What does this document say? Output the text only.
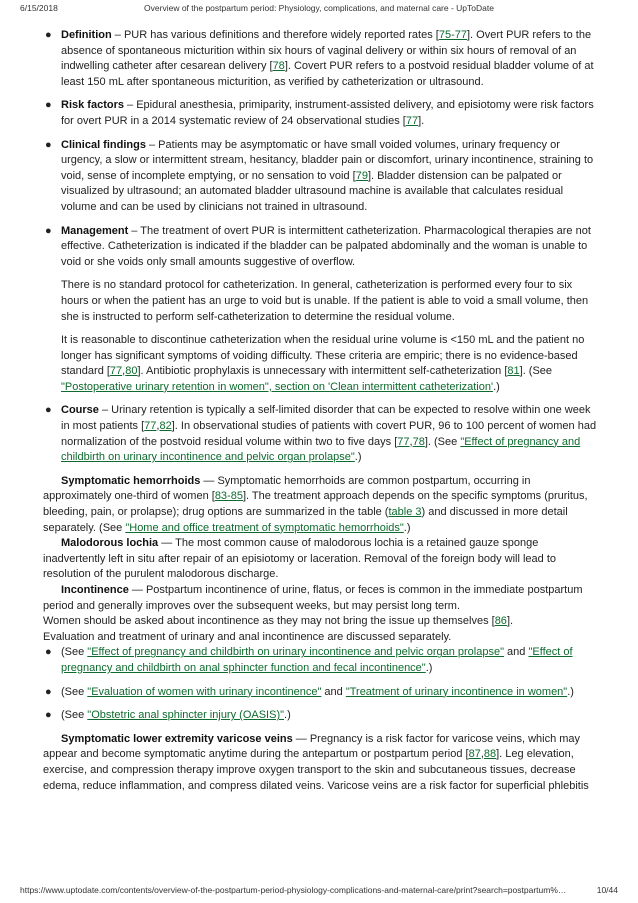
6/15/2018	Overview of the postpartum period: Physiology, complications, and maternal care - UpToDate
● Definition – PUR has various definitions and therefore widely reported rates [75-77]. Overt PUR refers to the absence of spontaneous micturition within six hours of vaginal delivery or within six hours of removal of an indwelling catheter after cesarean delivery [78]. Covert PUR refers to a postvoid residual bladder volume of at least 150 mL after spontaneous micturition, as verified by catheterization or ultrasound.

● Risk factors – Epidural anesthesia, primiparity, instrument-assisted delivery, and episiotomy were risk factors for overt PUR in a 2014 systematic review of 24 observational studies [77].

● Clinical findings – Patients may be asymptomatic or have small voided volumes, urinary frequency or urgency, a slow or intermittent stream, hesitancy, bladder pain or discomfort, urinary incontinence, straining to void, sense of incomplete emptying, or no sensation to void [79]. Bladder distension can be palpated or visualized by ultrasound; an automated bladder ultrasound machine is available that calculates residual volume and can be used by clinicians not trained in ultrasound.

● Management – The treatment of overt PUR is intermittent catheterization. Pharmacological therapies are not effective. Catheterization is indicated if the bladder can be palpated abdominally and the woman is unable to void or she voids only small amounts suggestive of overflow.

There is no standard protocol for catheterization. In general, catheterization is performed every four to six hours or when the patient has an urge to void but is unable. If the patient is able to void a small volume, then she is instructed to perform self-catheterization to determine the residual volume.

It is reasonable to discontinue catheterization when the residual urine volume is <150 mL and the patient no longer has significant symptoms of voiding difficulty. These criteria are empiric; there is no evidence-based standard [77,80]. Antibiotic prophylaxis is unnecessary with intermittent self-catheterization [81]. (See "Postoperative urinary retention in women", section on 'Clean intermittent catheterization'.)

● Course – Urinary retention is typically a self-limited disorder that can be expected to resolve within one week in most patients [77,82]. In observational studies of patients with covert PUR, 96 to 100 percent of women had normalization of the postvoid residual volume within two to five days [77,78]. (See "Effect of pregnancy and childbirth on urinary incontinence and pelvic organ prolapse".)

Symptomatic hemorrhoids — Symptomatic hemorrhoids are common postpartum, occurring in approximately one-third of women [83-85]. The treatment approach depends on the specific symptoms (pruritus, bleeding, pain, or prolapse); drug options are summarized in the table (table 3) and discussed in more detail separately. (See "Home and office treatment of symptomatic hemorrhoids".)

Malodorous lochia — The most common cause of malodorous lochia is a retained gauze sponge inadvertently left in situ after repair of an episiotomy or laceration. Removal of the foreign body will lead to resolution of the purulent malodorous discharge.

Incontinence — Postpartum incontinence of urine, flatus, or feces is common in the immediate postpartum period and generally improves over the subsequent weeks, but may persist long term.

Women should be asked about incontinence as they may not bring the issue up themselves [86].

Evaluation and treatment of urinary and anal incontinence are discussed separately.

● (See "Effect of pregnancy and childbirth on urinary incontinence and pelvic organ prolapse" and "Effect of pregnancy and childbirth on anal sphincter function and fecal incontinence".)

● (See "Evaluation of women with urinary incontinence" and "Treatment of urinary incontinence in women".)

● (See "Obstetric anal sphincter injury (OASIS)".)

Symptomatic lower extremity varicose veins — Pregnancy is a risk factor for varicose veins, which may appear and become symptomatic anytime during the antepartum or postpartum period [87,88]. Leg elevation, exercise, and compression therapy improve oxygen transport to the skin and subcutaneous tissues, decrease edema, reduce inflammation, and compress dilated veins. Varicose veins are a risk factor for superficial phlebitis

https://www.uptodate.com/contents/overview-of-the-postpartum-period-physiology-complications-and-maternal-care/print?search=postpartum%…	10/44
